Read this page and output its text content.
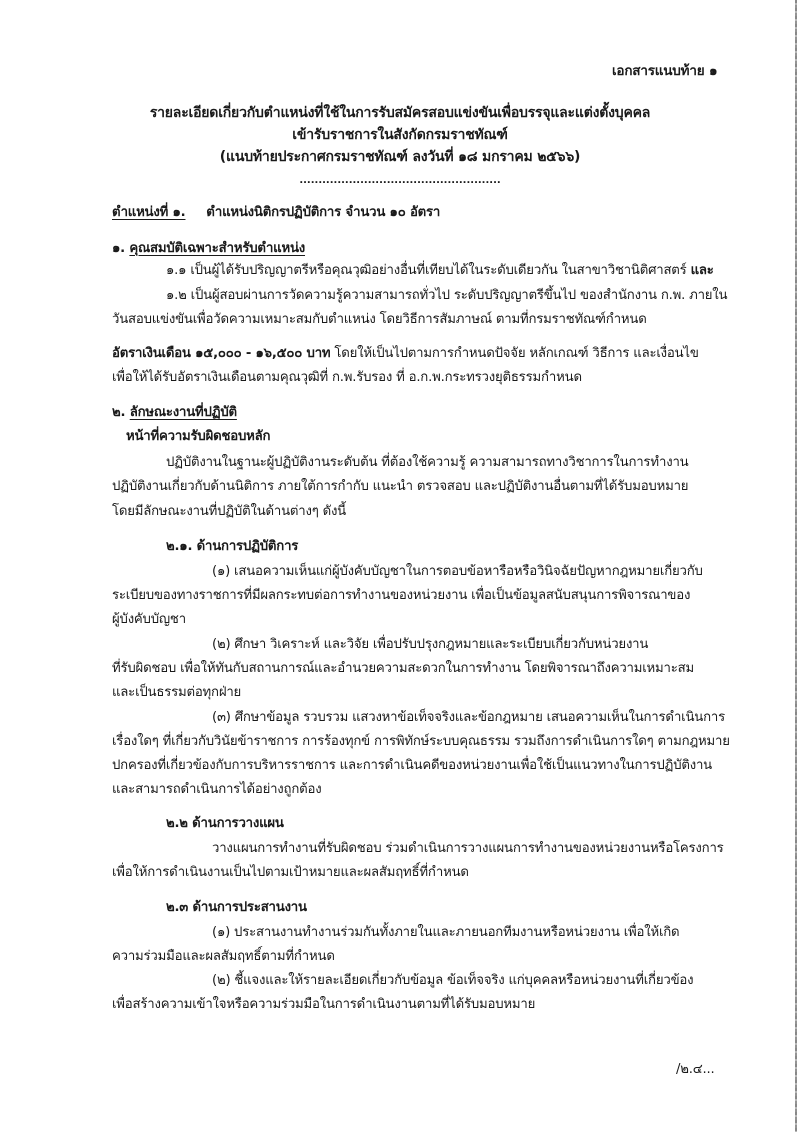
เอกสารแนบท้าย ๑
รายละเอียดเกี่ยวกับตำแหน่งที่ใช้ในการรับสมัครสอบแข่งขันเพื่อบรรจุและแต่งตั้งบุคคล
เข้ารับราชการในสังกัดกรมราชทัณฑ์
(แนบท้ายประกาศกรมราชทัณฑ์ ลงวันที่ ๑๘ มกราคม ๒๕๖๖)
.....................................................
ตำแหน่งที่ ๑. ตำแหน่งนิติกรปฏิบัติการ จำนวน ๑๐ อัตรา
๑. คุณสมบัติเฉพาะสำหรับตำแหน่ง
๑.๑ เป็นผู้ได้รับปริญญาตรีหรือคุณวุฒิอย่างอื่นที่เทียบได้ในระดับเดียวกัน ในสาขาวิชานิติศาสตร์ และ
๑.๒ เป็นผู้สอบผ่านการวัดความรู้ความสามารถทั่วไป ระดับปริญญาตรีขึ้นไป ของสำนักงาน ก.พ. ภายใน
วันสอบแข่งขันเพื่อวัดความเหมาะสมกับตำแหน่ง โดยวิธีการสัมภาษณ์ ตามที่กรมราชทัณฑ์กำหนด
อัตราเงินเดือน ๑๕,๐๐๐ - ๑๖,๕๐๐ บาท โดยให้เป็นไปตามการกำหนดปัจจัย หลักเกณฑ์ วิธีการ และเงื่อนไข
เพื่อให้ได้รับอัตราเงินเดือนตามคุณวุฒิที่ ก.พ.รับรอง ที่ อ.ก.พ.กระทรวงยุติธรรมกำหนด
๒. ลักษณะงานที่ปฏิบัติ
หน้าที่ความรับผิดชอบหลัก
ปฏิบัติงานในฐานะผู้ปฏิบัติงานระดับต้น ที่ต้องใช้ความรู้ ความสามารถทางวิชาการในการทำงาน
ปฏิบัติงานเกี่ยวกับด้านนิติการ ภายใต้การกำกับ แนะนำ ตรวจสอบ และปฏิบัติงานอื่นตามที่ได้รับมอบหมาย
โดยมีลักษณะงานที่ปฏิบัติในด้านต่างๆ ดังนี้
๒.๑. ด้านการปฏิบัติการ
(๑) เสนอความเห็นแก่ผู้บังคับบัญชาในการตอบข้อหารือหรือวินิจฉัยปัญหากฎหมายเกี่ยวกับ
ระเบียบของทางราชการที่มีผลกระทบต่อการทำงานของหน่วยงาน เพื่อเป็นข้อมูลสนับสนุนการพิจารณาของ
ผู้บังคับบัญชา
(๒) ศึกษา วิเคราะห์ และวิจัย เพื่อปรับปรุงกฎหมายและระเบียบเกี่ยวกับหน่วยงาน
ที่รับผิดชอบ เพื่อให้ทันกับสถานการณ์และอำนวยความสะดวกในการทำงาน โดยพิจารณาถึงความเหมาะสม
และเป็นธรรมต่อทุกฝ่าย
(๓) ศึกษาข้อมูล รวบรวม แสวงหาข้อเท็จจริงและข้อกฎหมาย เสนอความเห็นในการดำเนินการ
เรื่องใดๆ ที่เกี่ยวกับวินัยข้าราชการ การร้องทุกข์ การพิทักษ์ระบบคุณธรรม รวมถึงการดำเนินการใดๆ ตามกฎหมาย
ปกครองที่เกี่ยวข้องกับการบริหารราชการ และการดำเนินคดีของหน่วยงานเพื่อใช้เป็นแนวทางในการปฏิบัติงาน
และสามารถดำเนินการได้อย่างถูกต้อง
๒.๒ ด้านการวางแผน
วางแผนการทำงานที่รับผิดชอบ ร่วมดำเนินการวางแผนการทำงานของหน่วยงานหรือโครงการ
เพื่อให้การดำเนินงานเป็นไปตามเป้าหมายและผลสัมฤทธิ์ที่กำหนด
๒.๓ ด้านการประสานงาน
(๑) ประสานงานทำงานร่วมกันทั้งภายในและภายนอกทีมงานหรือหน่วยงาน เพื่อให้เกิด
ความร่วมมือและผลสัมฤทธิ์ตามที่กำหนด
(๒) ชี้แจงและให้รายละเอียดเกี่ยวกับข้อมูล ข้อเท็จจริง แก่บุคคลหรือหน่วยงานที่เกี่ยวข้อง
เพื่อสร้างความเข้าใจหรือความร่วมมือในการดำเนินงานตามที่ได้รับมอบหมาย
/๒.๔...
